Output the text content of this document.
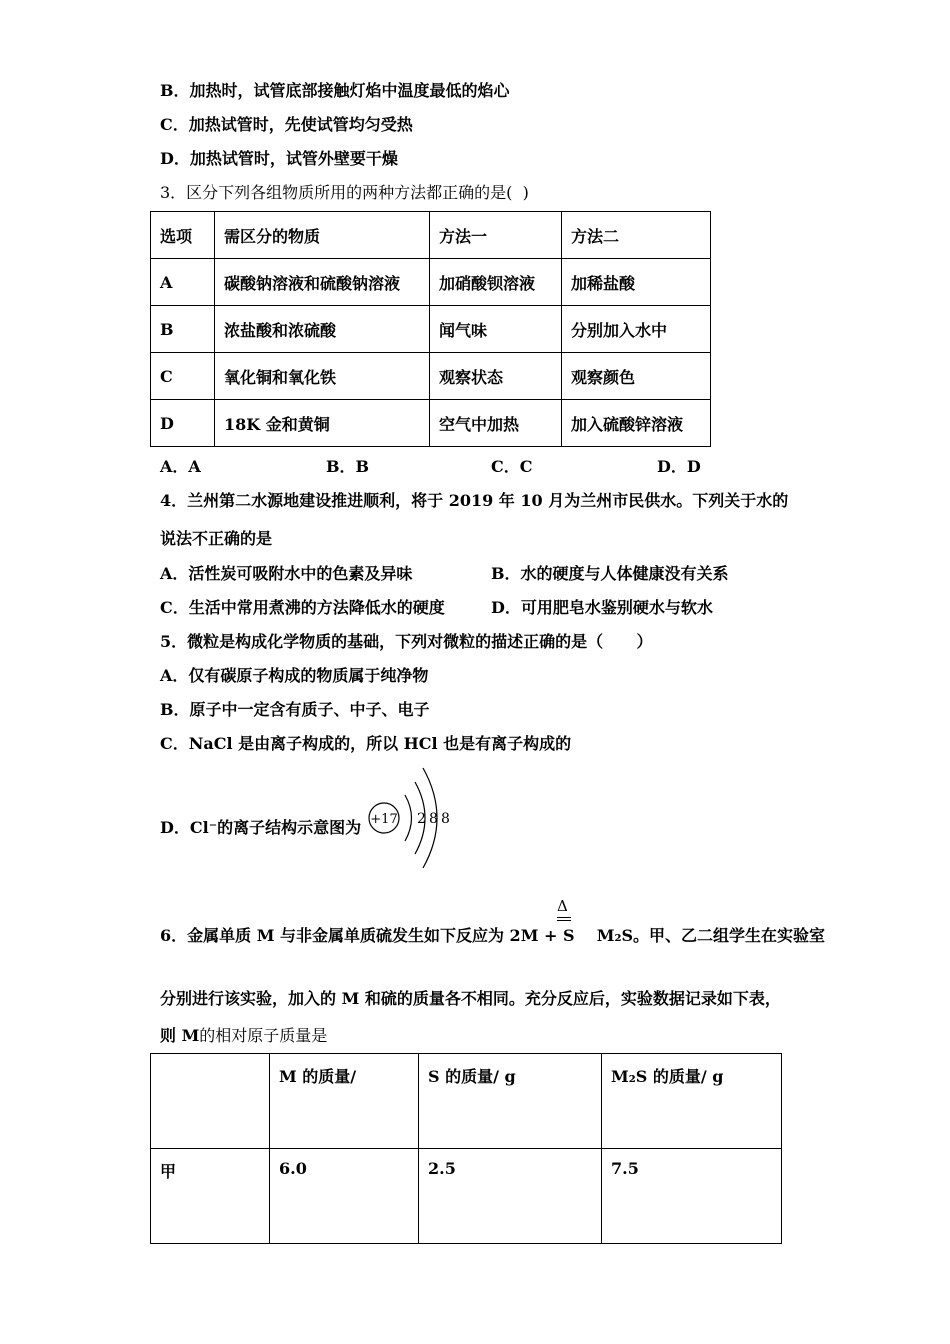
B．加热时，试管底部接触灯焰中温度最低的焰心
C．加热试管时，先使试管均匀受热
D．加热试管时，试管外壁要干燥
3．区分下列各组物质所用的两种方法都正确的是(  )
选项	需区分的物质	方法一	方法二
A	碳酸钠溶液和硫酸钠溶液	加硝酸钡溶液	加稀盐酸
B	浓盐酸和浓硫酸	闻气味	分别加入水中
C	氧化铜和氧化铁	观察状态	观察颜色
D	18K 金和黄铜	空气中加热	加入硫酸锌溶液
A．A	B．B	C．C	D．D
4．兰州第二水源地建设推进顺利，将于 2019 年 10 月为兰州市民供水。下列关于水的
说法不正确的是
A．活性炭可吸附水中的色素及异味	B．水的硬度与人体健康没有关系
C．生活中常用煮沸的方法降低水的硬度	D．可用肥皂水鉴别硬水与软水
5．微粒是构成化学物质的基础，下列对微粒的描述正确的是（      ）
A．仅有碳原子构成的物质属于纯净物
B．原子中一定含有质子、中子、电子
C．NaCl 是由离子构成的，所以 HCl 也是有离子构成的
D．Cl⁻的离子结构示意图为 +17 2 8 8
Δ
6．金属单质 M 与非金属单质硫发生如下反应为 2M + S    M₂S。甲、乙二组学生在实验室
分别进行该实验，加入的 M 和硫的质量各不相同。充分反应后，实验数据记录如下表，
则 M的相对原子质量是
	M 的质量/	S 的质量/ g	M₂S 的质量/ g
甲	6.0	2.5	7.5
